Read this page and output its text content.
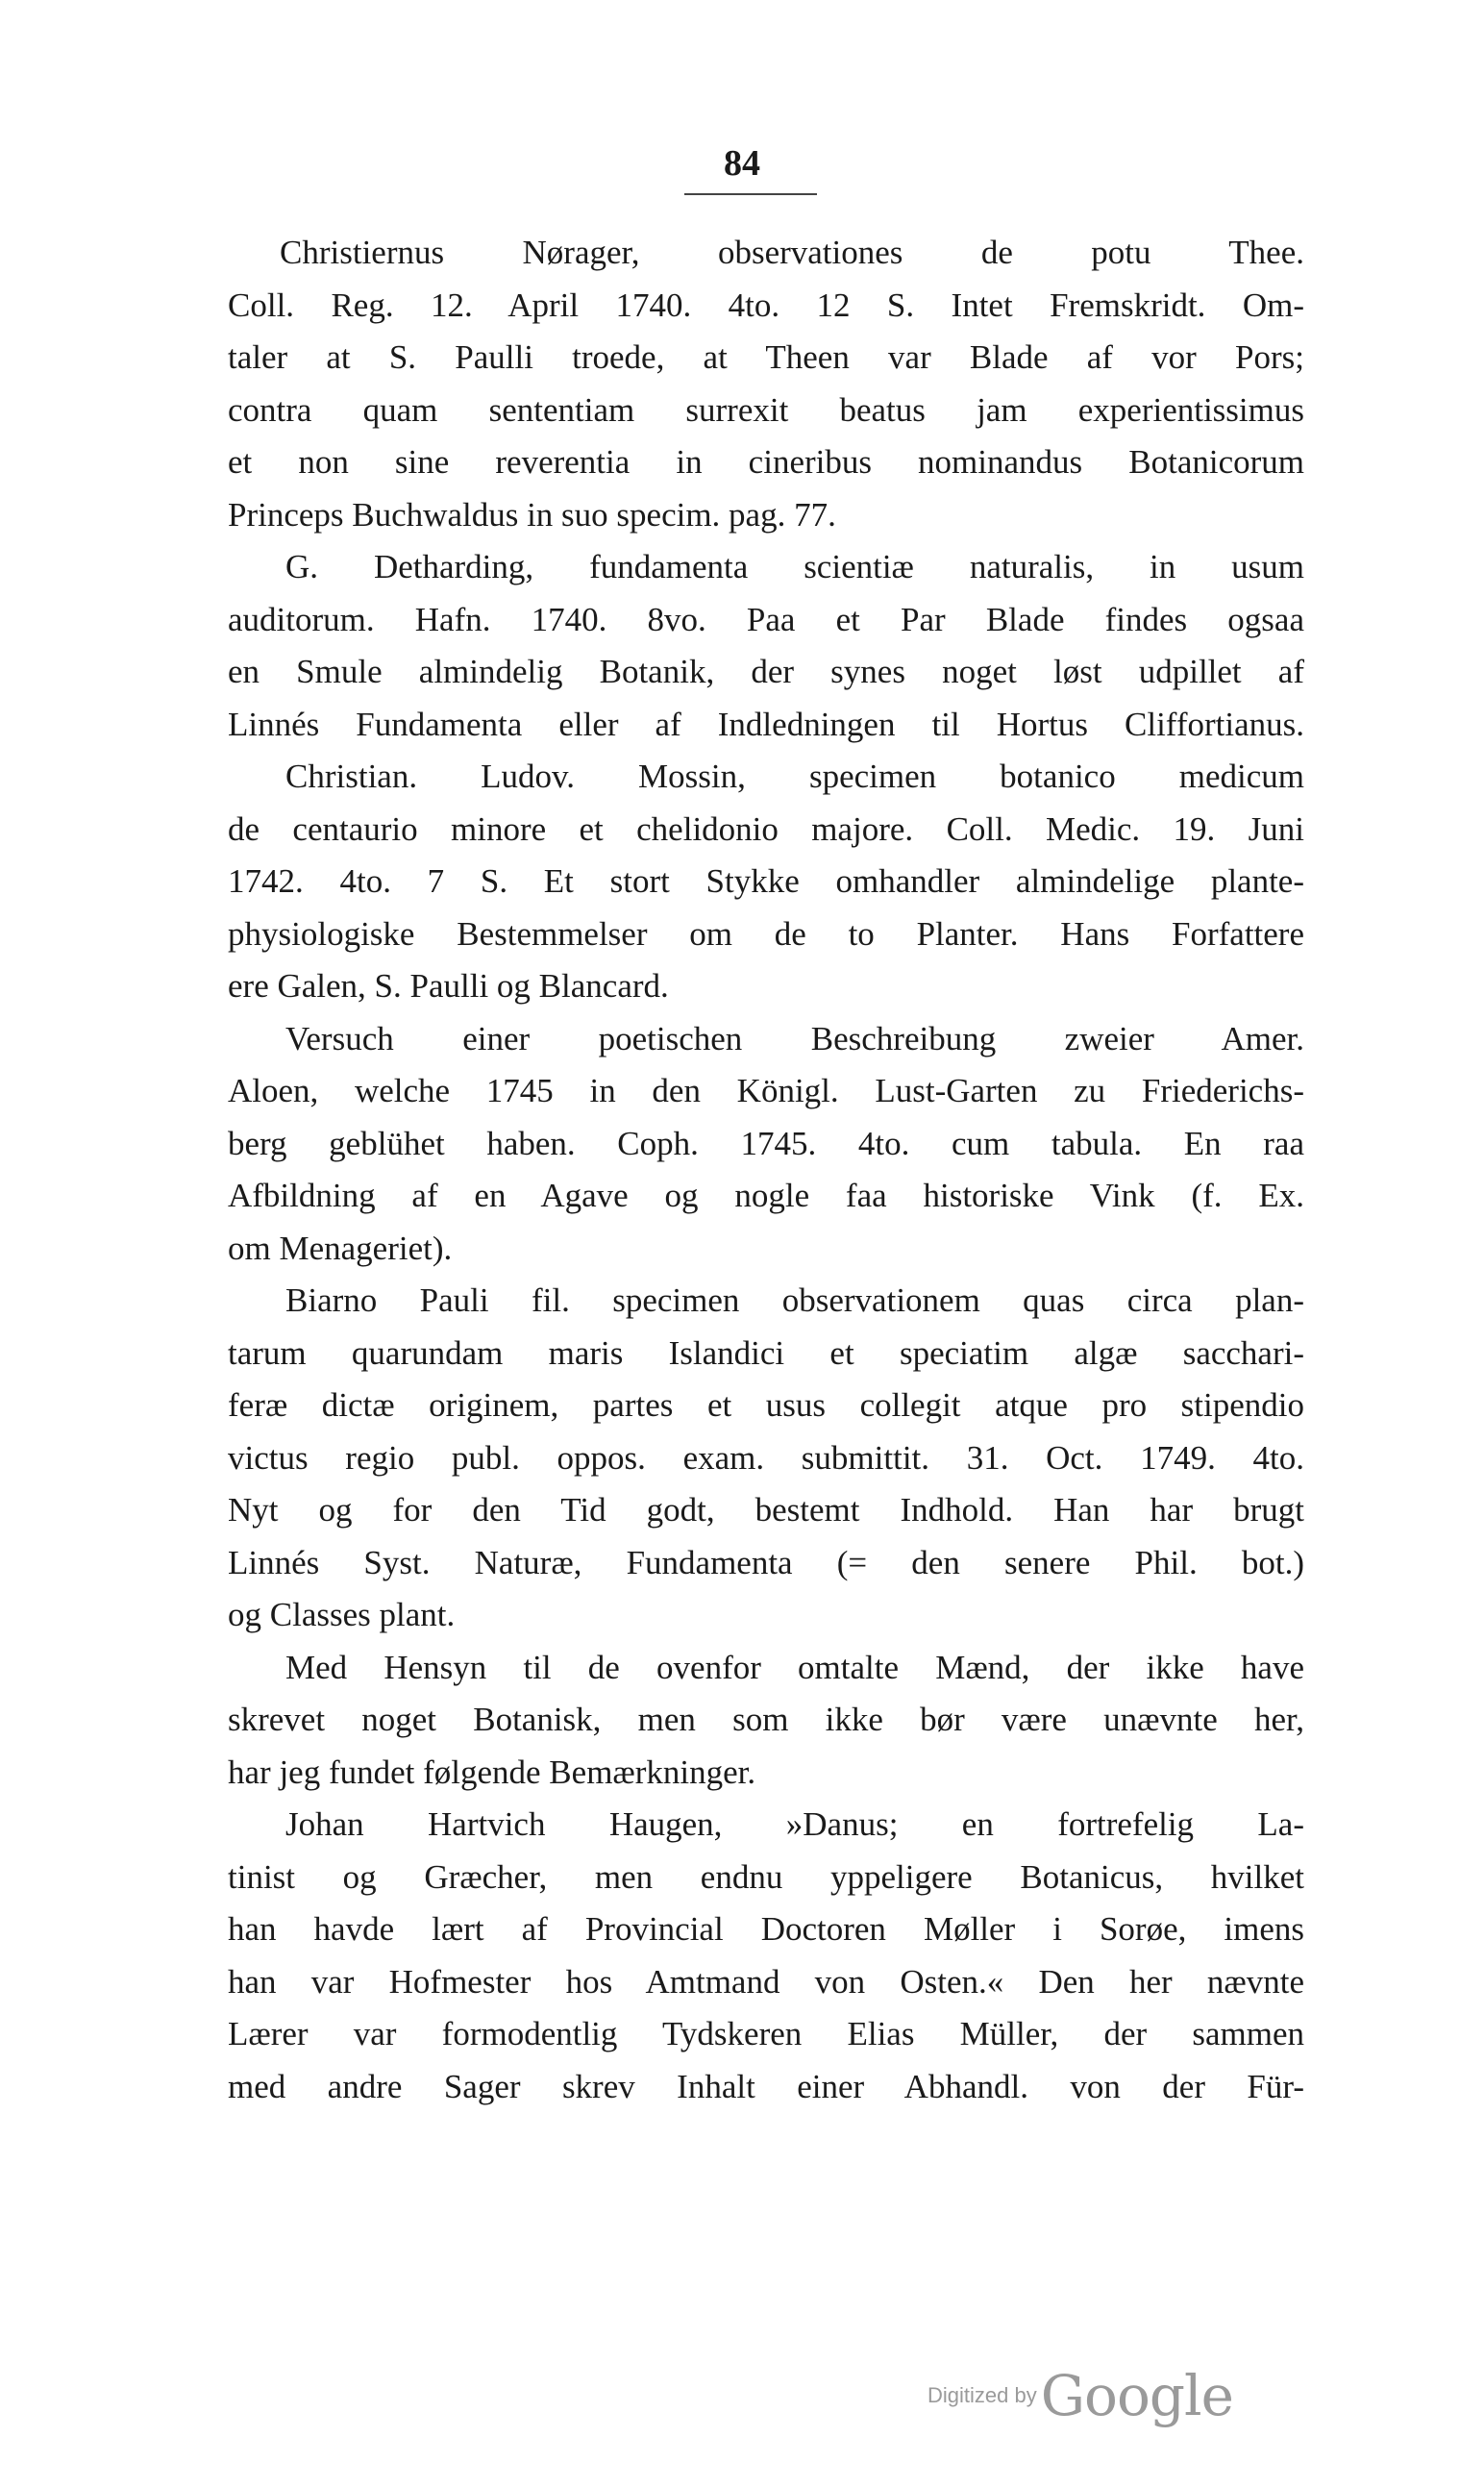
84
Christiernus Nørager, observationes de potu Thee.
Coll. Reg. 12. April 1740. 4to. 12 S. Intet Fremskridt. Om-
taler at S. Paulli troede, at Theen var Blade af vor Pors;
contra quam sententiam surrexit beatus jam experientissimus
et non sine reverentia in cineribus nominandus Botanicorum
Princeps Buchwaldus in suo specim. pag. 77.
G. Detharding, fundamenta scientiæ naturalis, in usum
auditorum. Hafn. 1740. 8vo. Paa et Par Blade findes ogsaa
en Smule almindelig Botanik, der synes noget løst udpillet af
Linnés Fundamenta eller af Indledningen til Hortus Cliffortianus.
Christian. Ludov. Mossin, specimen botanico medicum
de centaurio minore et chelidonio majore. Coll. Medic. 19. Juni
1742. 4to. 7 S. Et stort Stykke omhandler almindelige plante-
physiologiske Bestemmelser om de to Planter. Hans Forfattere
ere Galen, S. Paulli og Blancard.
Versuch einer poetischen Beschreibung zweier Amer.
Aloen, welche 1745 in den Königl. Lust-Garten zu Friederichs-
berg geblühet haben. Coph. 1745. 4to. cum tabula. En raa
Afbildning af en Agave og nogle faa historiske Vink (f. Ex.
om Menageriet).
Biarno Pauli fil. specimen observationem quas circa plan-
tarum quarundam maris Islandici et speciatim algæ sacchari-
feræ dictæ originem, partes et usus collegit atque pro stipendio
victus regio publ. oppos. exam. submittit. 31. Oct. 1749. 4to.
Nyt og for den Tid godt, bestemt Indhold. Han har brugt
Linnés Syst. Naturæ, Fundamenta (= den senere Phil. bot.)
og Classes plant.
Med Hensyn til de ovenfor omtalte Mænd, der ikke have
skrevet noget Botanisk, men som ikke bør være unævnte her,
har jeg fundet følgende Bemærkninger.
Johan Hartvich Haugen, »Danus; en fortrefelig La-
tinist og Græcher, men endnu yppeligere Botanicus, hvilket
han havde lært af Provincial Doctoren Møller i Sorøe, imens
han var Hofmester hos Amtmand von Osten.« Den her nævnte
Lærer var formodentlig Tydskeren Elias Müller, der sammen
med andre Sager skrev Inhalt einer Abhandl. von der Für-
Digitized by Google
